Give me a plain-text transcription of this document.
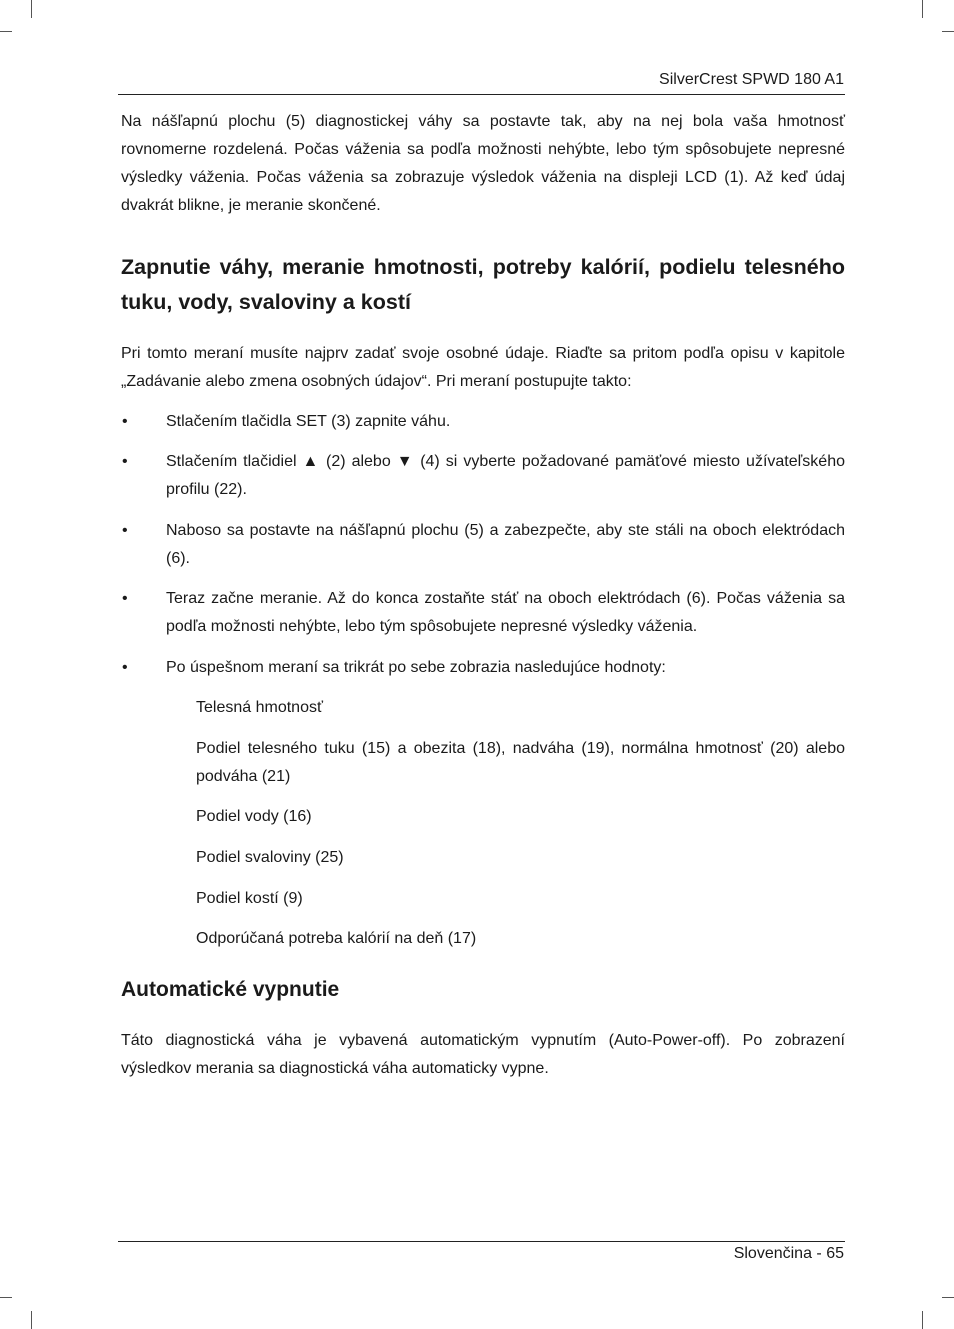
SilverCrest SPWD 180 A1

Na nášľapnú plochu (5) diagnostickej váhy sa postavte tak, aby na nej bola vaša hmotnosť rovnomerne rozdelená. Počas váženia sa podľa možnosti nehýbte, lebo tým spôsobujete nepresné výsledky váženia. Počas váženia sa zobrazuje výsledok váženia na displeji LCD (1). Až keď údaj dvakrát blikne, je meranie skončené.

Zapnutie váhy, meranie hmotnosti, potreby kalórií, podielu telesného tuku, vody, svaloviny a kostí

Pri tomto meraní musíte najprv zadať svoje osobné údaje. Riaďte sa pritom podľa opisu v kapitole „Zadávanie alebo zmena osobných údajov“. Pri meraní postupujte takto:

• Stlačením tlačidla SET (3) zapnite váhu.

• Stlačením tlačidiel ▲ (2) alebo ▼ (4) si vyberte požadované pamäťové miesto užívateľského profilu (22).

• Naboso sa postavte na nášľapnú plochu (5) a zabezpečte, aby ste stáli na oboch elektródach (6).

• Teraz začne meranie. Až do konca zostaňte stáť na oboch elektródach (6). Počas váženia sa podľa možnosti nehýbte, lebo tým spôsobujete nepresné výsledky váženia.

• Po úspešnom meraní sa trikrát po sebe zobrazia nasledujúce hodnoty:

Telesná hmotnosť

Podiel telesného tuku (15) a obezita (18), nadváha (19), normálna hmotnosť (20) alebo podváha (21)

Podiel vody (16)

Podiel svaloviny (25)

Podiel kostí (9)

Odporúčaná potreba kalórií na deň (17)

Automatické vypnutie

Táto diagnostická váha je vybavená automatickým vypnutím (Auto-Power-off). Po zobrazení výsledkov merania sa diagnostická váha automaticky vypne.

Slovenčina - 65
